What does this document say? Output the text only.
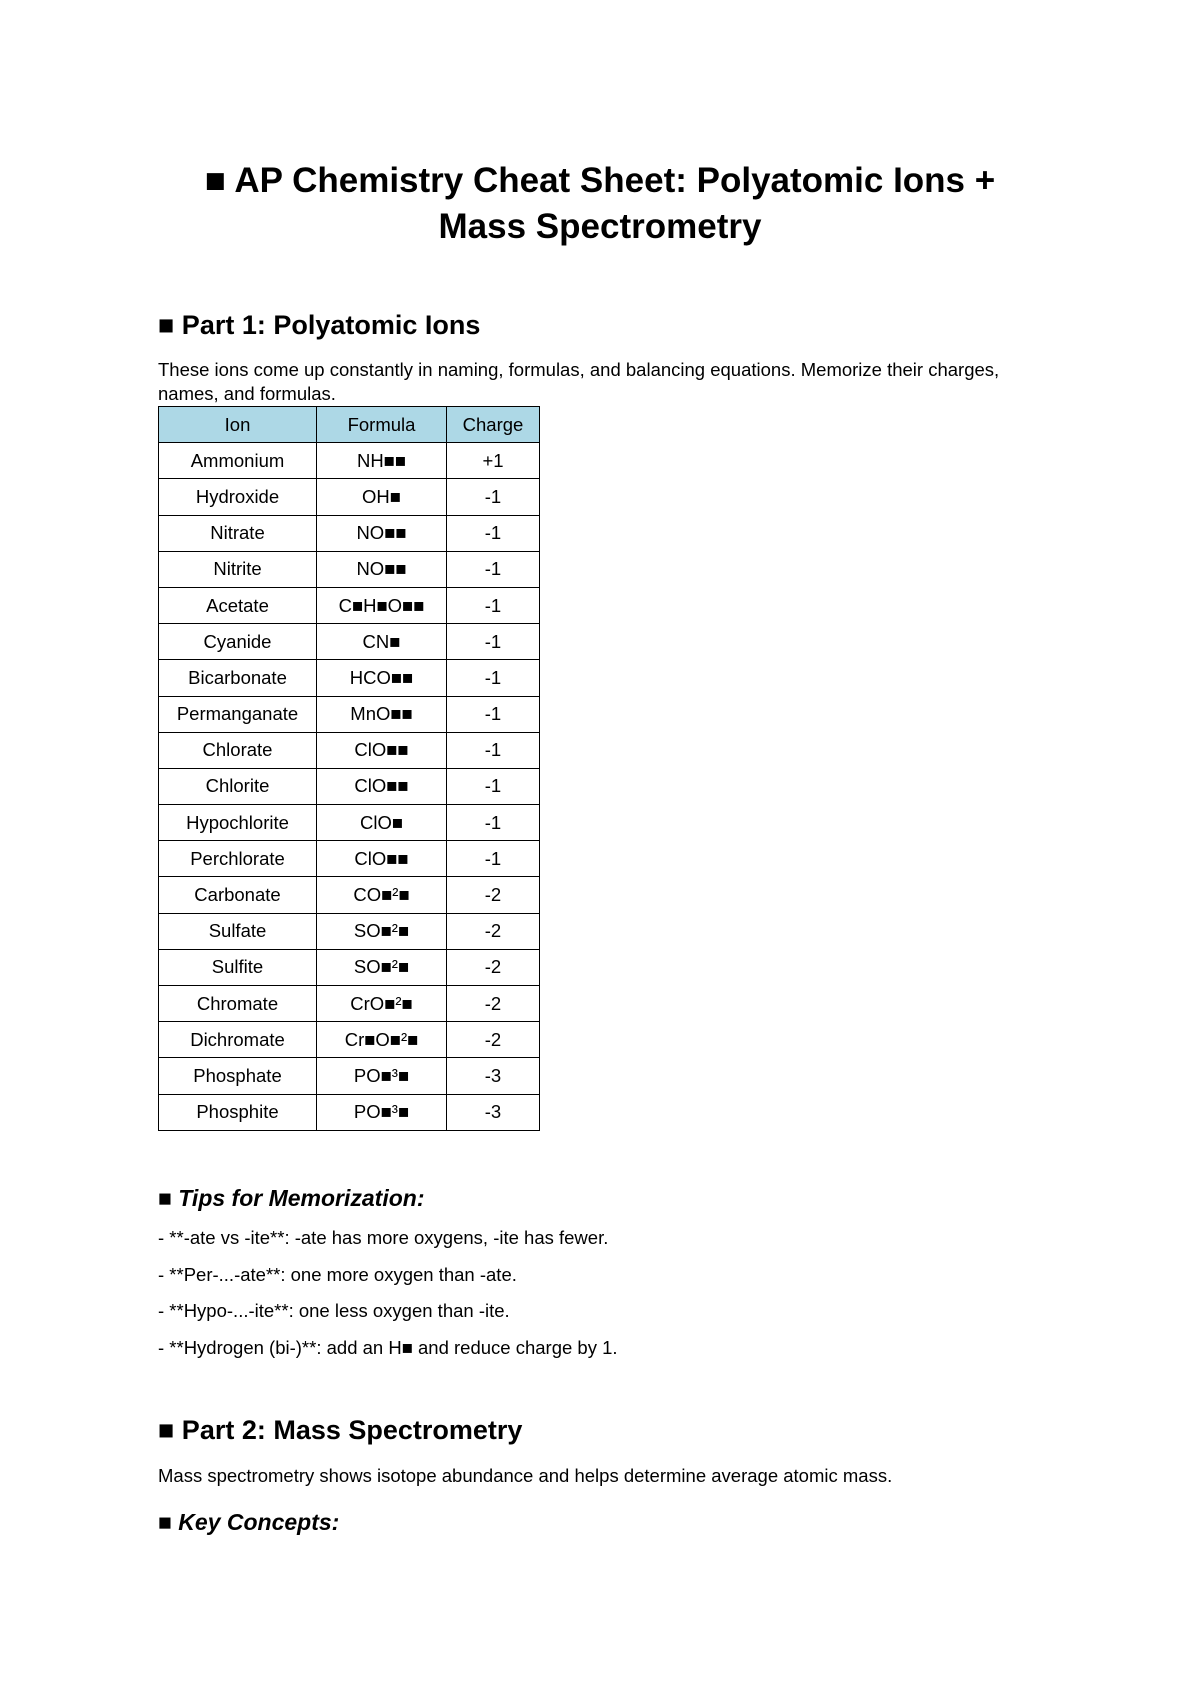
■ AP Chemistry Cheat Sheet: Polyatomic Ions +
Mass Spectrometry
■ Part 1: Polyatomic Ions

These ions come up constantly in naming, formulas, and balancing equations. Memorize their charges, names, and formulas.

Ion	Formula	Charge
Ammonium	NH■■	+1
Hydroxide	OH■	-1
Nitrate	NO■■	-1
Nitrite	NO■■	-1
Acetate	C■H■O■■	-1
Cyanide	CN■	-1
Bicarbonate	HCO■■	-1
Permanganate	MnO■■	-1
Chlorate	ClO■■	-1
Chlorite	ClO■■	-1
Hypochlorite	ClO■	-1
Perchlorate	ClO■■	-1
Carbonate	CO■²■	-2
Sulfate	SO■²■	-2
Sulfite	SO■²■	-2
Chromate	CrO■²■	-2
Dichromate	Cr■O■²■	-2
Phosphate	PO■³■	-3
Phosphite	PO■³■	-3
■ Tips for Memorization:
- **-ate vs -ite**: -ate has more oxygens, -ite has fewer.
- **Per-...-ate**: one more oxygen than -ate.
- **Hypo-...-ite**: one less oxygen than -ite.
- **Hydrogen (bi-)**: add an H■ and reduce charge by 1.
■ Part 2: Mass Spectrometry

Mass spectrometry shows isotope abundance and helps determine average atomic mass.

■ Key Concepts:
